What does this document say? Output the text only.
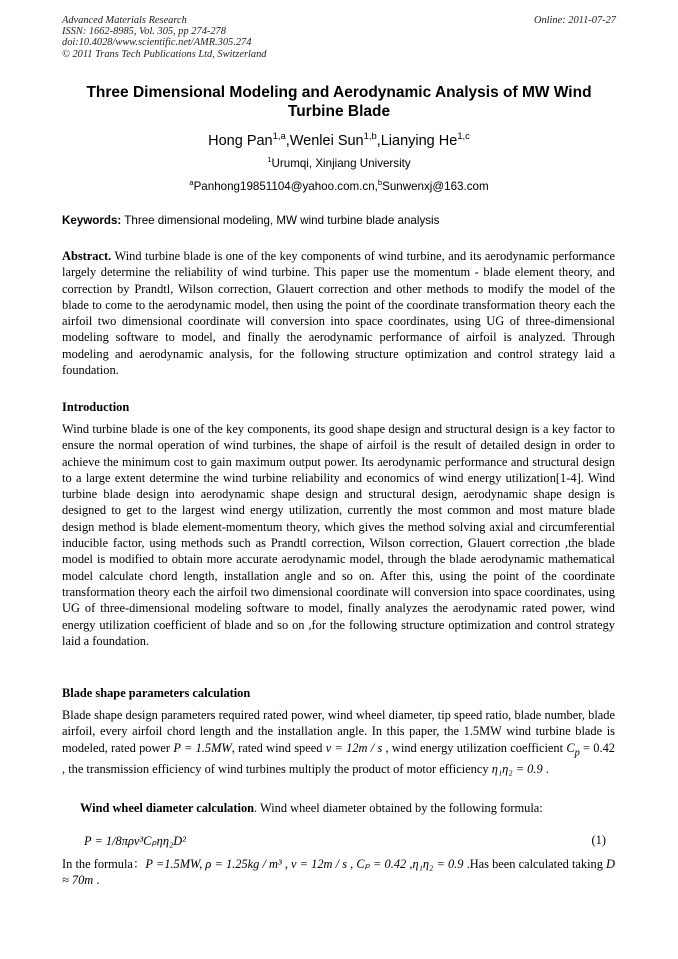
Advanced Materials Research
ISSN: 1662-8985, Vol. 305, pp 274-278
doi:10.4028/www.scientific.net/AMR.305.274
© 2011 Trans Tech Publications Ltd, Switzerland
Online: 2011-07-27
Three Dimensional Modeling and Aerodynamic Analysis of MW Wind Turbine Blade
Hong Pan$^{1,a}$,Wenlei Sun$^{1,b}$,Lianying He$^{1,c}$
$^1$Urumqi, Xinjiang University
$^a$Panhong19851104@yahoo.com.cn,$^b$Sunwenxj@163.com
Keywords: Three dimensional modeling, MW wind turbine blade analysis
Abstract. Wind turbine blade is one of the key components of wind turbine, and its aerodynamic performance largely determine the reliability of wind turbine. This paper use the momentum - blade element theory, and correction by Prandtl, Wilson correction, Glauert correction and other methods to modify the model of the blade to come to the aerodynamic model, then using the point of the coordinate transformation theory each the airfoil two dimensional coordinate will conversion into space coordinates, using UG of three-dimensional modeling software to model, and finally the aerodynamic performance of airfoil is analyzed. Through modeling and aerodynamic analysis, for the following structure optimization and control strategy laid a foundation.
Introduction
Wind turbine blade is one of the key components, its good shape design and structural design is a key factor to ensure the normal operation of wind turbines, the shape of airfoil is the result of detailed design in order to achieve the minimum cost to gain maximum output power. Its aerodynamic performance and structural design to a large extent determine the wind turbine reliability and economics of wind energy utilization[1-4]. Wind turbine blade design into aerodynamic shape design and structural design, aerodynamic shape design is designed to get to the largest wind energy utilization, currently the most common and most mature blade design method is blade element-momentum theory, which gives the method solving axial and circumferential inducible factor, using methods such as Prandtl correction, Wilson correction, Glauert correction ,the blade model is modified to obtain more accurate aerodynamic model, through the blade aerodynamic mathematical model calculate chord length, installation angle and so on. After this, using the point of the coordinate transformation theory each the airfoil two dimensional coordinate will conversion into space coordinates, using UG of three-dimensional modeling software to model, finally analyzes the aerodynamic rated power, wind energy utilization coefficient of blade and so on ,for the following structure optimization and control strategy laid a foundation.
Blade shape parameters calculation
Blade shape design parameters required rated power, wind wheel diameter, tip speed ratio, blade number, blade airfoil, every airfoil chord length and the installation angle. In this paper, the 1.5MW wind turbine blade is modeled, rated power P = 1.5MW, rated wind speed v = 12m / s , wind energy utilization coefficient $C_p = 0.42$ , the transmission efficiency of wind turbines multiply the product of motor efficiency η₁η₂ = 0.9 .
Wind wheel diameter calculation. Wind wheel diameter obtained by the following formula:
P = 1/8πρv³Cₚηη₂D²	(1)
In the formula：P =1.5MW, ρ = 1.25kg / m³ , v = 12m / s , Cₚ = 0.42 ,η₁η₂ = 0.9 .Has been calculated taking D ≈ 70m .
